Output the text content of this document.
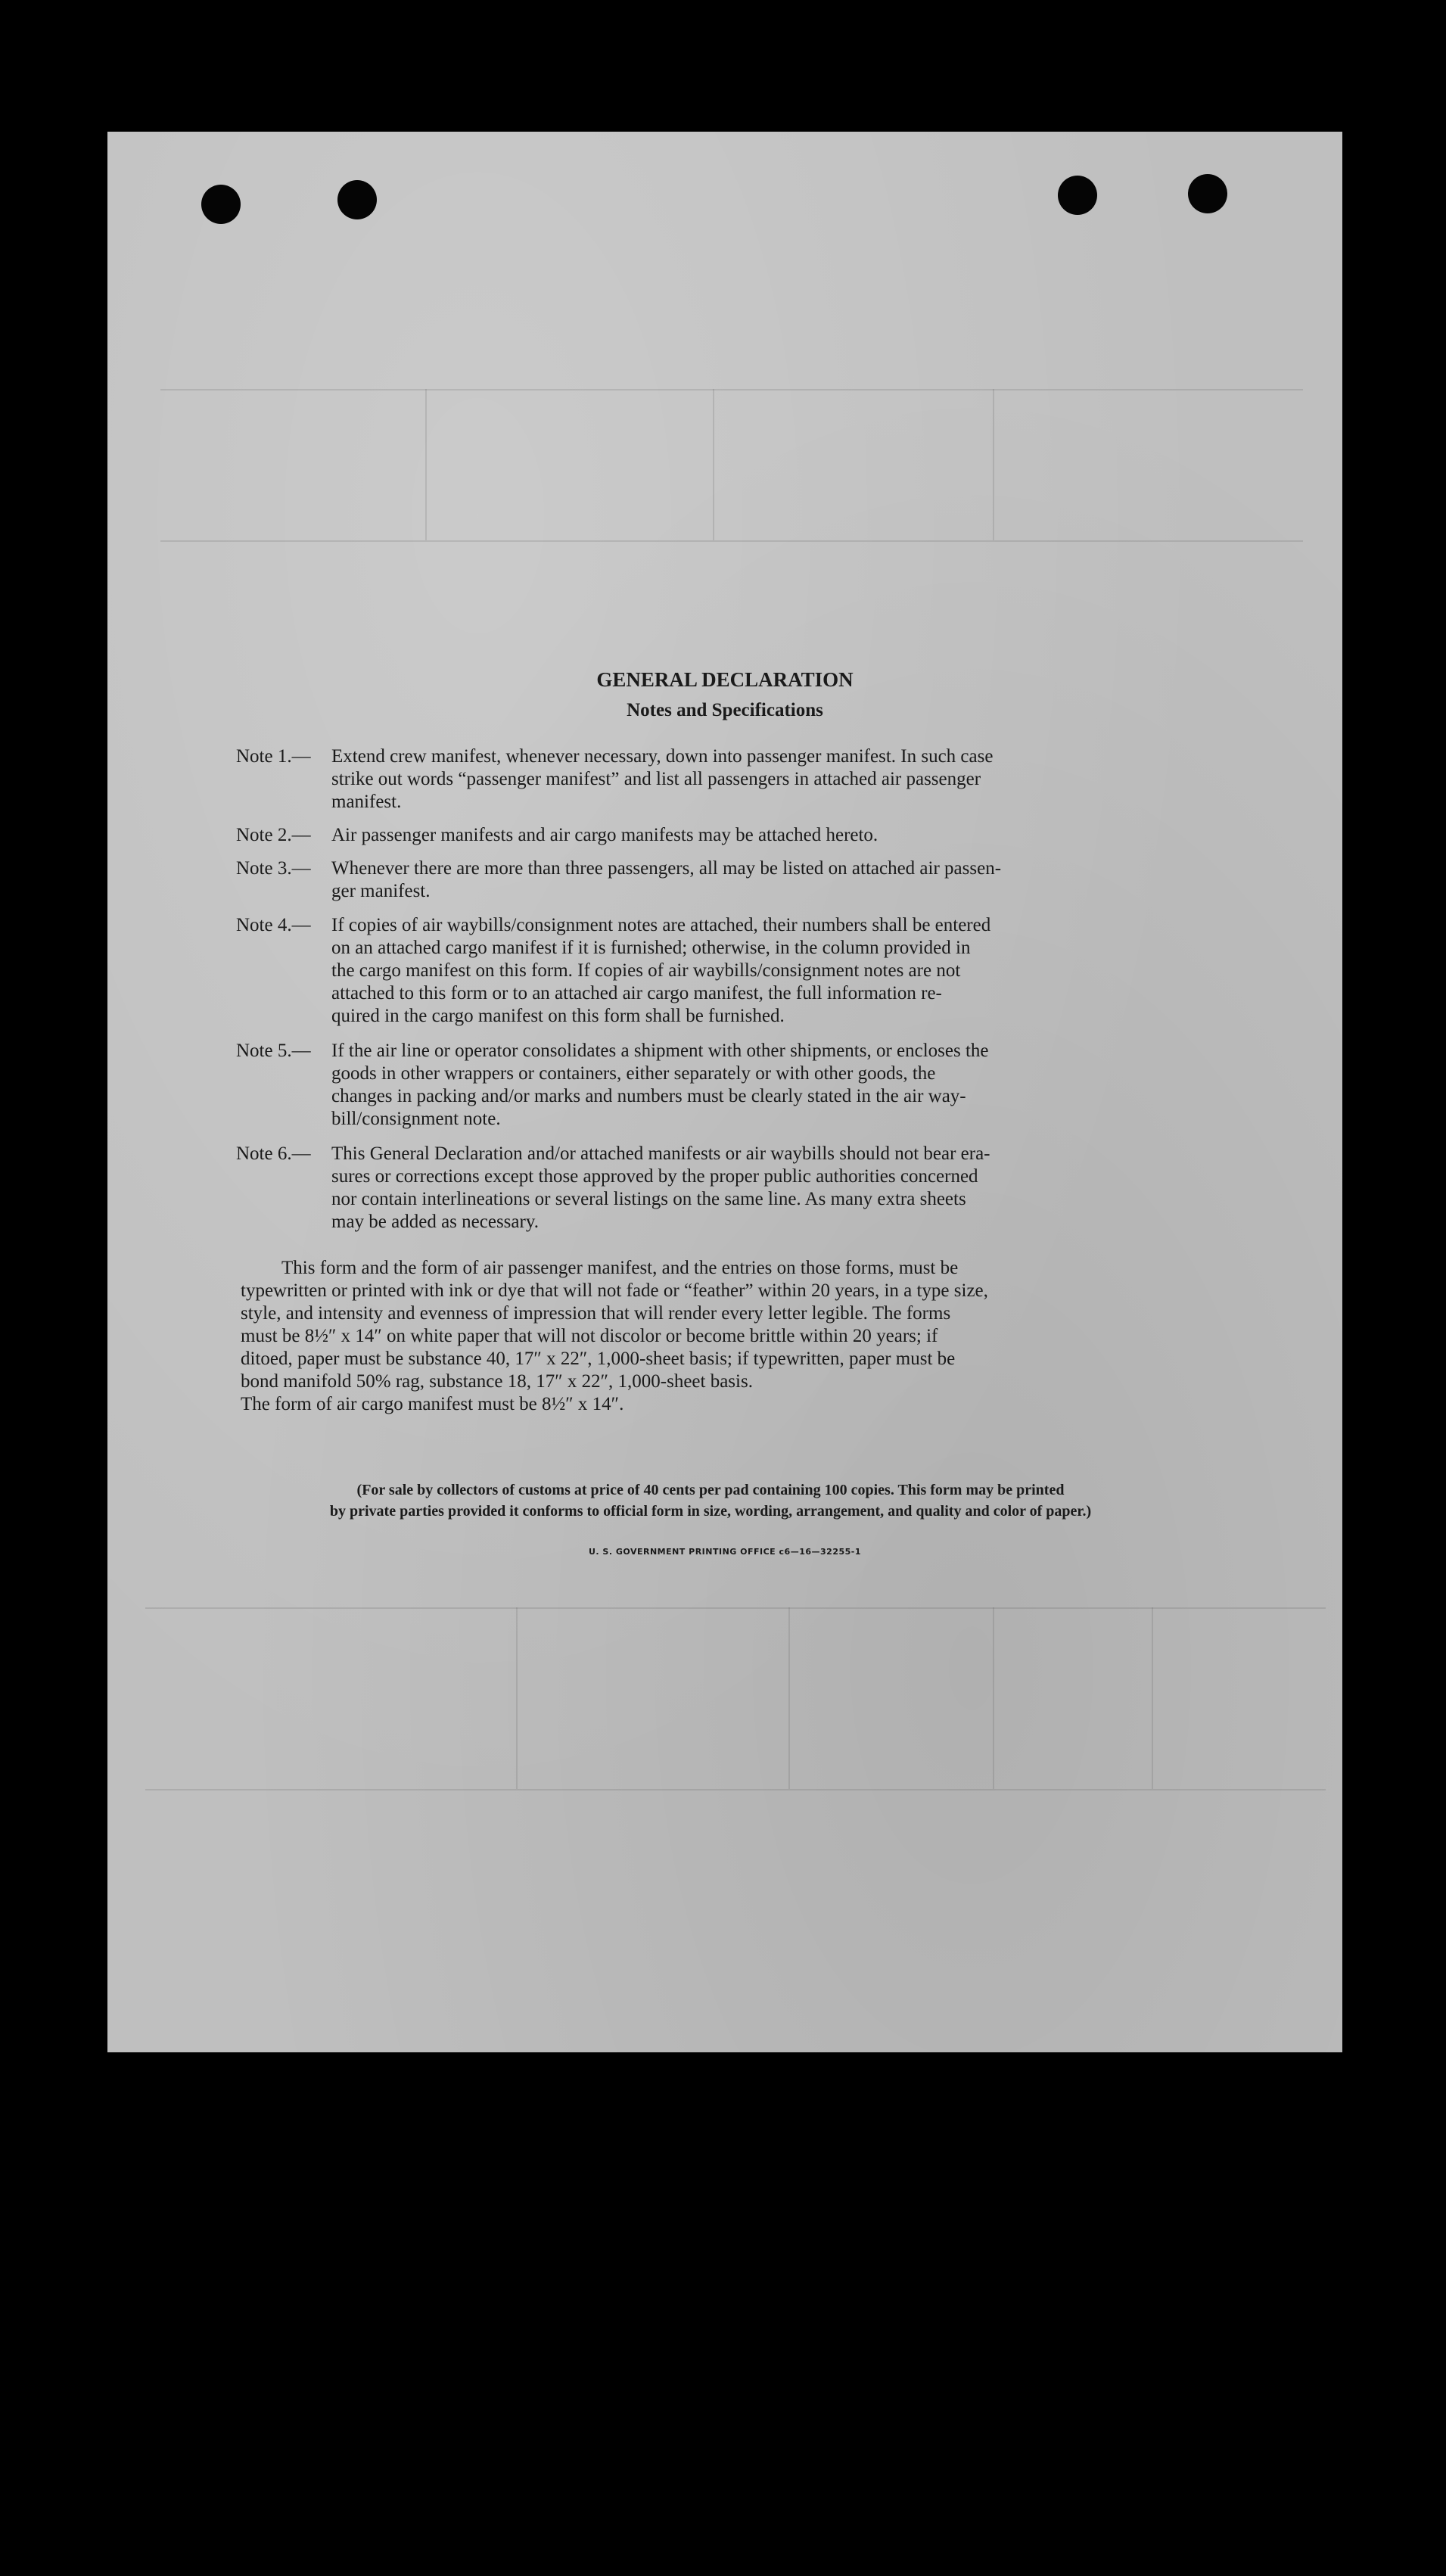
GENERAL DECLARATION
Notes and Specifications
Note 1.— Extend crew manifest, whenever necessary, down into passenger manifest. In such case
strike out words “passenger manifest” and list all passengers in attached air passenger
manifest.
Note 2.— Air passenger manifests and air cargo manifests may be attached hereto.
Note 3.— Whenever there are more than three passengers, all may be listed on attached air passen-
ger manifest.
Note 4.— If copies of air waybills/consignment notes are attached, their numbers shall be entered
on an attached cargo manifest if it is furnished; otherwise, in the column provided in
the cargo manifest on this form. If copies of air waybills/consignment notes are not
attached to this form or to an attached air cargo manifest, the full information re-
quired in the cargo manifest on this form shall be furnished.
Note 5.— If the air line or operator consolidates a shipment with other shipments, or encloses the
goods in other wrappers or containers, either separately or with other goods, the
changes in packing and/or marks and numbers must be clearly stated in the air way-
bill/consignment note.
Note 6.— This General Declaration and/or attached manifests or air waybills should not bear era-
sures or corrections except those approved by the proper public authorities concerned
nor contain interlineations or several listings on the same line. As many extra sheets
may be added as necessary.
This form and the form of air passenger manifest, and the entries on those forms, must be
typewritten or printed with ink or dye that will not fade or “feather” within 20 years, in a type size,
style, and intensity and evenness of impression that will render every letter legible. The forms
must be 8½″ x 14″ on white paper that will not discolor or become brittle within 20 years; if
ditoed, paper must be substance 40, 17″ x 22″, 1,000-sheet basis; if typewritten, paper must be
bond manifold 50% rag, substance 18, 17″ x 22″, 1,000-sheet basis.
The form of air cargo manifest must be 8½″ x 14″.
(For sale by collectors of customs at price of 40 cents per pad containing 100 copies. This form may be printed
by private parties provided it conforms to official form in size, wording, arrangement, and quality and color of paper.)
U. S. GOVERNMENT PRINTING OFFICE c6—16—32255-1
